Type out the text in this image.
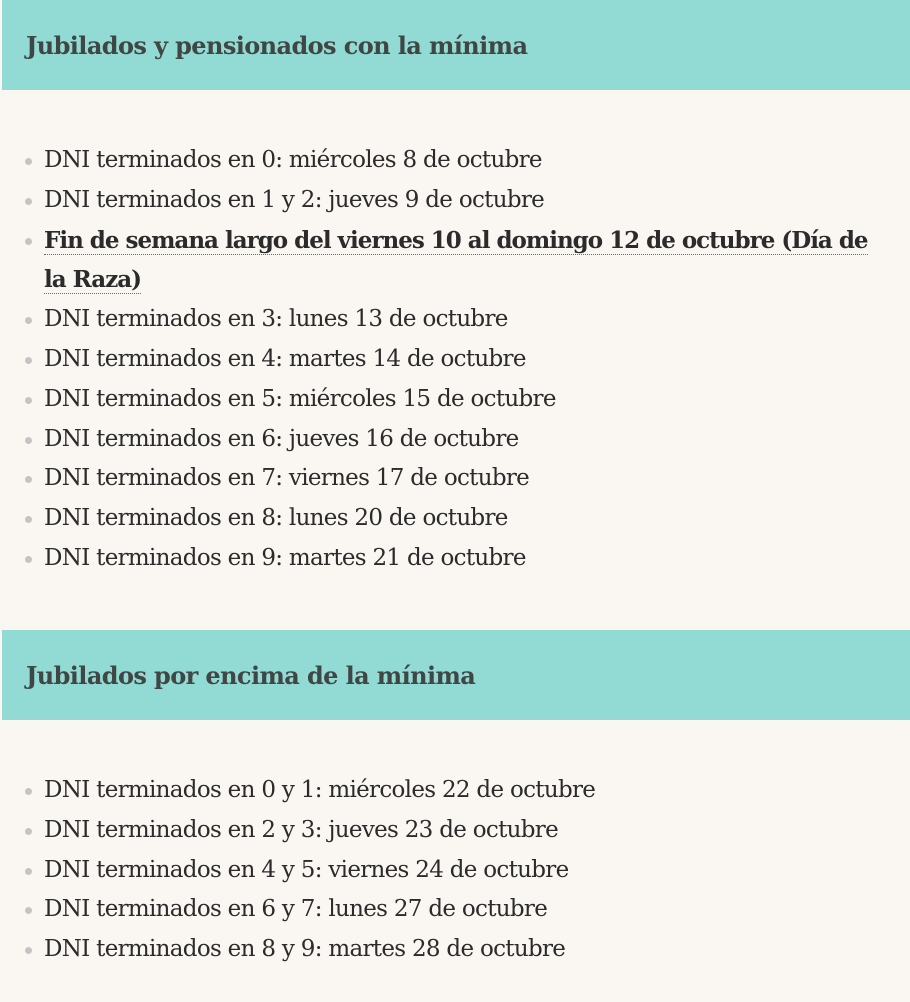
Jubilados y pensionados con la mínima
DNI terminados en 0: miércoles 8 de octubre
DNI terminados en 1 y 2: jueves 9 de octubre
Fin de semana largo del viernes 10 al domingo 12 de octubre (Día de la Raza)
DNI terminados en 3: lunes 13 de octubre
DNI terminados en 4: martes 14 de octubre
DNI terminados en 5: miércoles 15 de octubre
DNI terminados en 6: jueves 16 de octubre
DNI terminados en 7: viernes 17 de octubre
DNI terminados en 8: lunes 20 de octubre
DNI terminados en 9: martes 21 de octubre
Jubilados por encima de la mínima
DNI terminados en 0 y 1: miércoles 22 de octubre
DNI terminados en 2 y 3: jueves 23 de octubre
DNI terminados en 4 y 5: viernes 24 de octubre
DNI terminados en 6 y 7: lunes 27 de octubre
DNI terminados en 8 y 9: martes 28 de octubre
